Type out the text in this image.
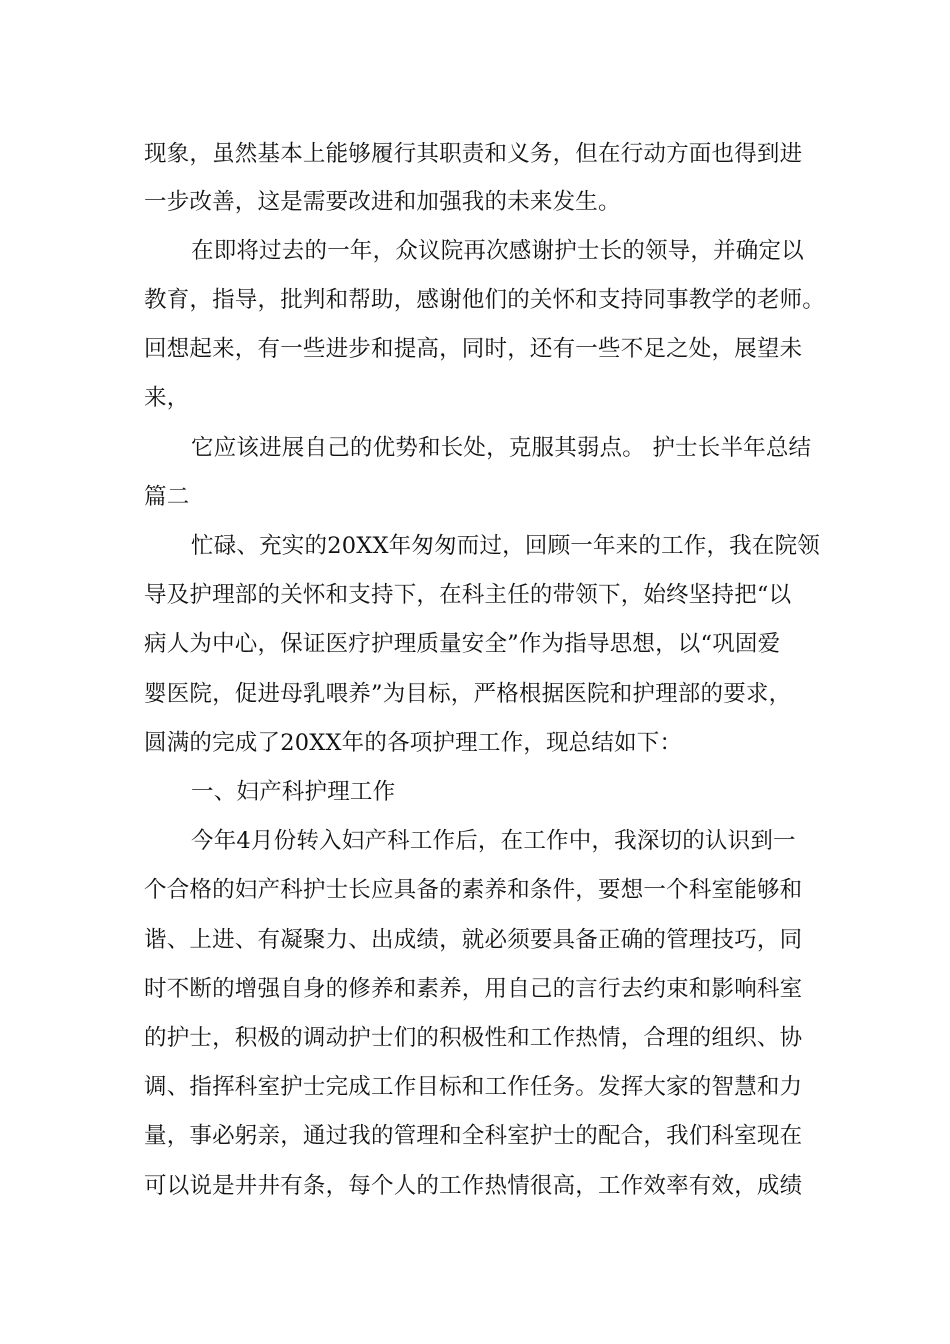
现象，虽然基本上能够履行其职责和义务，但在行动方面也得到进
一步改善，这是需要改进和加强我的未来发生。
在即将过去的一年，众议院再次感谢护士长的领导，并确定以
教育，指导，批判和帮助，感谢他们的关怀和支持同事教学的老师。
回想起来，有一些进步和提高，同时，还有一些不足之处，展望未
来，
它应该进展自己的优势和长处，克服其弱点。 护士长半年总结
篇二
忙碌、充实的20XX年匆匆而过，回顾一年来的工作，我在院领
导及护理部的关怀和支持下，在科主任的带领下，始终坚持把“以
病人为中心，保证医疗护理质量安全”作为指导思想，以“巩固爱
婴医院，促进母乳喂养”为目标，严格根据医院和护理部的要求，
圆满的完成了20XX年的各项护理工作，现总结如下：
一、妇产科护理工作
今年4月份转入妇产科工作后，在工作中，我深切的认识到一
个合格的妇产科护士长应具备的素养和条件，要想一个科室能够和
谐、上进、有凝聚力、出成绩，就必须要具备正确的管理技巧，同
时不断的增强自身的修养和素养，用自己的言行去约束和影响科室
的护士，积极的调动护士们的积极性和工作热情，合理的组织、协
调、指挥科室护士完成工作目标和工作任务。发挥大家的智慧和力
量，事必躬亲，通过我的管理和全科室护士的配合，我们科室现在
可以说是井井有条，每个人的工作热情很高，工作效率有效，成绩
